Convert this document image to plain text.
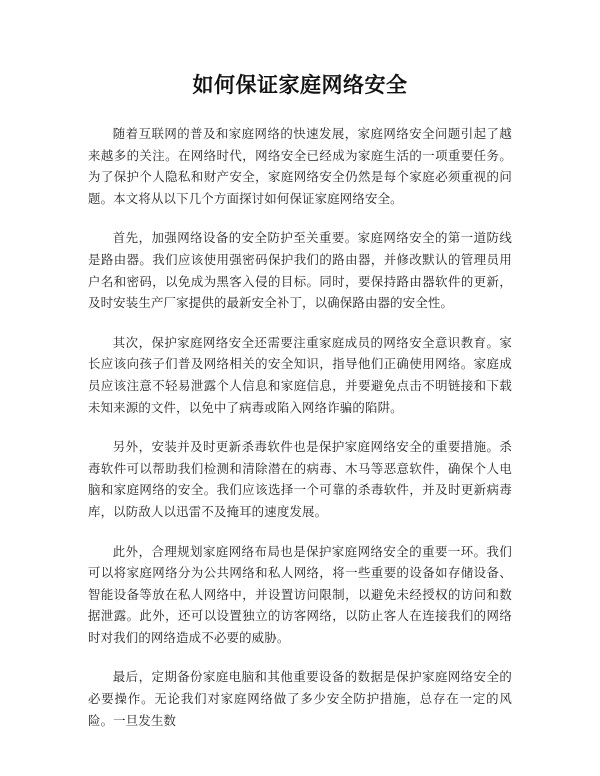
如何保证家庭网络安全

随着互联网的普及和家庭网络的快速发展，家庭网络安全问题引起了越来越多的关注。在网络时代，网络安全已经成为家庭生活的一项重要任务。为了保护个人隐私和财产安全，家庭网络安全仍然是每个家庭必须重视的问题。本文将从以下几个方面探讨如何保证家庭网络安全。

首先，加强网络设备的安全防护至关重要。家庭网络安全的第一道防线是路由器。我们应该使用强密码保护我们的路由器，并修改默认的管理员用户名和密码，以免成为黑客入侵的目标。同时，要保持路由器软件的更新，及时安装生产厂家提供的最新安全补丁，以确保路由器的安全性。

其次，保护家庭网络安全还需要注重家庭成员的网络安全意识教育。家长应该向孩子们普及网络相关的安全知识，指导他们正确使用网络。家庭成员应该注意不轻易泄露个人信息和家庭信息，并要避免点击不明链接和下载未知来源的文件，以免中了病毒或陷入网络诈骗的陷阱。

另外，安装并及时更新杀毒软件也是保护家庭网络安全的重要措施。杀毒软件可以帮助我们检测和清除潜在的病毒、木马等恶意软件，确保个人电脑和家庭网络的安全。我们应该选择一个可靠的杀毒软件，并及时更新病毒库，以防敌人以迅雷不及掩耳的速度发展。

此外，合理规划家庭网络布局也是保护家庭网络安全的重要一环。我们可以将家庭网络分为公共网络和私人网络，将一些重要的设备如存储设备、智能设备等放在私人网络中，并设置访问限制，以避免未经授权的访问和数据泄露。此外，还可以设置独立的访客网络，以防止客人在连接我们的网络时对我们的网络造成不必要的威胁。

最后，定期备份家庭电脑和其他重要设备的数据是保护家庭网络安全的必要操作。无论我们对家庭网络做了多少安全防护措施，总存在一定的风险。一旦发生数
